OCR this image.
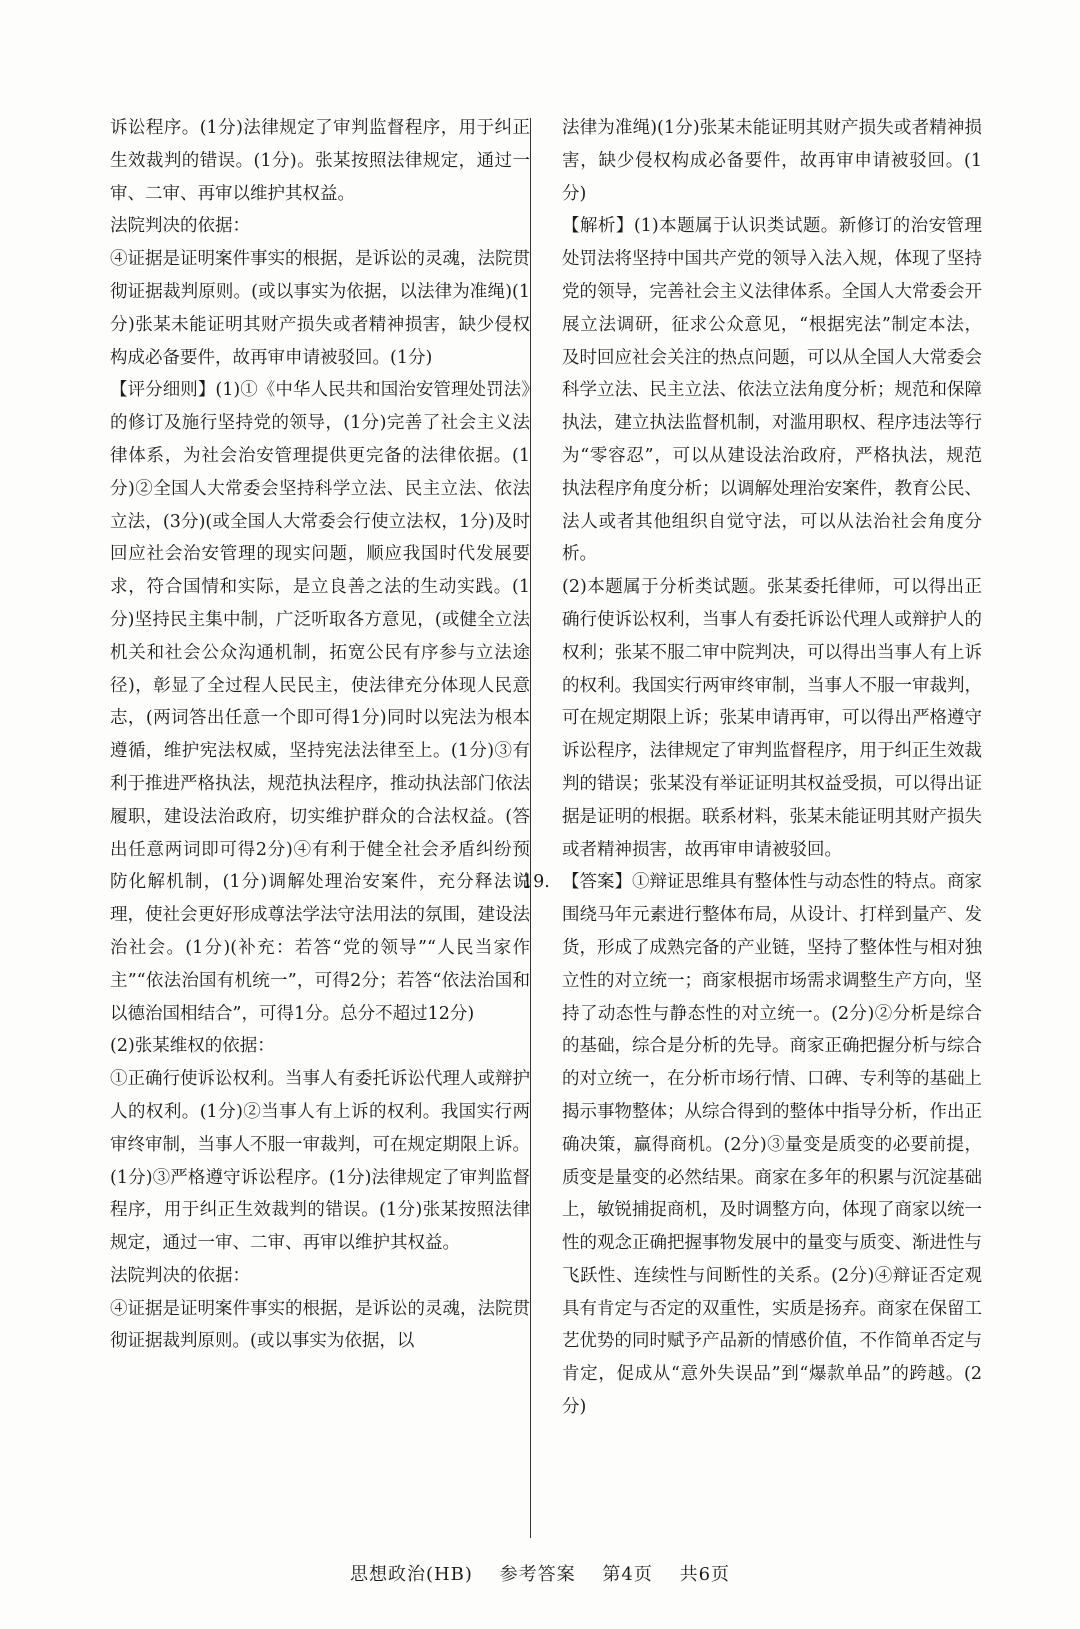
诉讼程序。(1分)法律规定了审判监督程序，用于纠正生效裁判的错误。(1分)。张某按照法律规定，通过一审、二审、再审以维护其权益。

法院判决的依据：

④证据是证明案件事实的根据，是诉讼的灵魂，法院贯彻证据裁判原则。(或以事实为依据，以法律为准绳)(1分)张某未能证明其财产损失或者精神损害，缺少侵权构成必备要件，故再审申请被驳回。(1分)

【评分细则】(1)①《中华人民共和国治安管理处罚法》的修订及施行坚持党的领导，(1分)完善了社会主义法律体系，为社会治安管理提供更完备的法律依据。(1分)②全国人大常委会坚持科学立法、民主立法、依法立法，(3分)(或全国人大常委会行使立法权，1分)及时回应社会治安管理的现实问题，顺应我国时代发展要求，符合国情和实际，是立良善之法的生动实践。(1分)坚持民主集中制，广泛听取各方意见，(或健全立法机关和社会公众沟通机制，拓宽公民有序参与立法途径)，彰显了全过程人民民主，使法律充分体现人民意志，(两词答出任意一个即可得1分)同时以宪法为根本遵循，维护宪法权威，坚持宪法法律至上。(1分)③有利于推进严格执法，规范执法程序，推动执法部门依法履职，建设法治政府，切实维护群众的合法权益。(答出任意两词即可得2分)④有利于健全社会矛盾纠纷预防化解机制，(1分)调解处理治安案件，充分释法说理，使社会更好形成尊法学法守法用法的氛围，建设法治社会。(1分)(补充：若答“党的领导”“人民当家作主”“依法治国有机统一”，可得2分；若答“依法治国和以德治国相结合”，可得1分。总分不超过12分)

(2)张某维权的依据：

①正确行使诉讼权利。当事人有委托诉讼代理人或辩护人的权利。(1分)②当事人有上诉的权利。我国实行两审终审制，当事人不服一审裁判，可在规定期限上诉。(1分)③严格遵守诉讼程序。(1分)法律规定了审判监督程序，用于纠正生效裁判的错误。(1分)张某按照法律规定，通过一审、二审、再审以维护其权益。

法院判决的依据：

④证据是证明案件事实的根据，是诉讼的灵魂，法院贯彻证据裁判原则。(或以事实为依据，以

法律为准绳)(1分)张某未能证明其财产损失或者精神损害，缺少侵权构成必备要件，故再审申请被驳回。(1分)

【解析】(1)本题属于认识类试题。新修订的治安管理处罚法将坚持中国共产党的领导入法入规，体现了坚持党的领导，完善社会主义法律体系。全国人大常委会开展立法调研，征求公众意见，“根据宪法”制定本法，及时回应社会关注的热点问题，可以从全国人大常委会科学立法、民主立法、依法立法角度分析；规范和保障执法，建立执法监督机制，对滥用职权、程序违法等行为“零容忍”，可以从建设法治政府，严格执法，规范执法程序角度分析；以调解处理治安案件，教育公民、法人或者其他组织自觉守法，可以从法治社会角度分析。

(2)本题属于分析类试题。张某委托律师，可以得出正确行使诉讼权利，当事人有委托诉讼代理人或辩护人的权利；张某不服二审中院判决，可以得出当事人有上诉的权利。我国实行两审终审制，当事人不服一审裁判，可在规定期限上诉；张某申请再审，可以得出严格遵守诉讼程序，法律规定了审判监督程序，用于纠正生效裁判的错误；张某没有举证证明其权益受损，可以得出证据是证明的根据。联系材料，张某未能证明其财产损失或者精神损害，故再审申请被驳回。

19. 【答案】①辩证思维具有整体性与动态性的特点。商家围绕马年元素进行整体布局，从设计、打样到量产、发货，形成了成熟完备的产业链，坚持了整体性与相对独立性的对立统一；商家根据市场需求调整生产方向，坚持了动态性与静态性的对立统一。(2分)②分析是综合的基础，综合是分析的先导。商家正确把握分析与综合的对立统一，在分析市场行情、口碑、专利等的基础上揭示事物整体；从综合得到的整体中指导分析，作出正确决策，赢得商机。(2分)③量变是质变的必要前提，质变是量变的必然结果。商家在多年的积累与沉淀基础上，敏锐捕捉商机，及时调整方向，体现了商家以统一性的观念正确把握事物发展中的量变与质变、渐进性与飞跃性、连续性与间断性的关系。(2分)④辩证否定观具有肯定与否定的双重性，实质是扬弃。商家在保留工艺优势的同时赋予产品新的情感价值，不作简单否定与肯定，促成从“意外失误品”到“爆款单品”的跨越。(2分)

思想政治(HB) 参考答案 第4页 共6页
